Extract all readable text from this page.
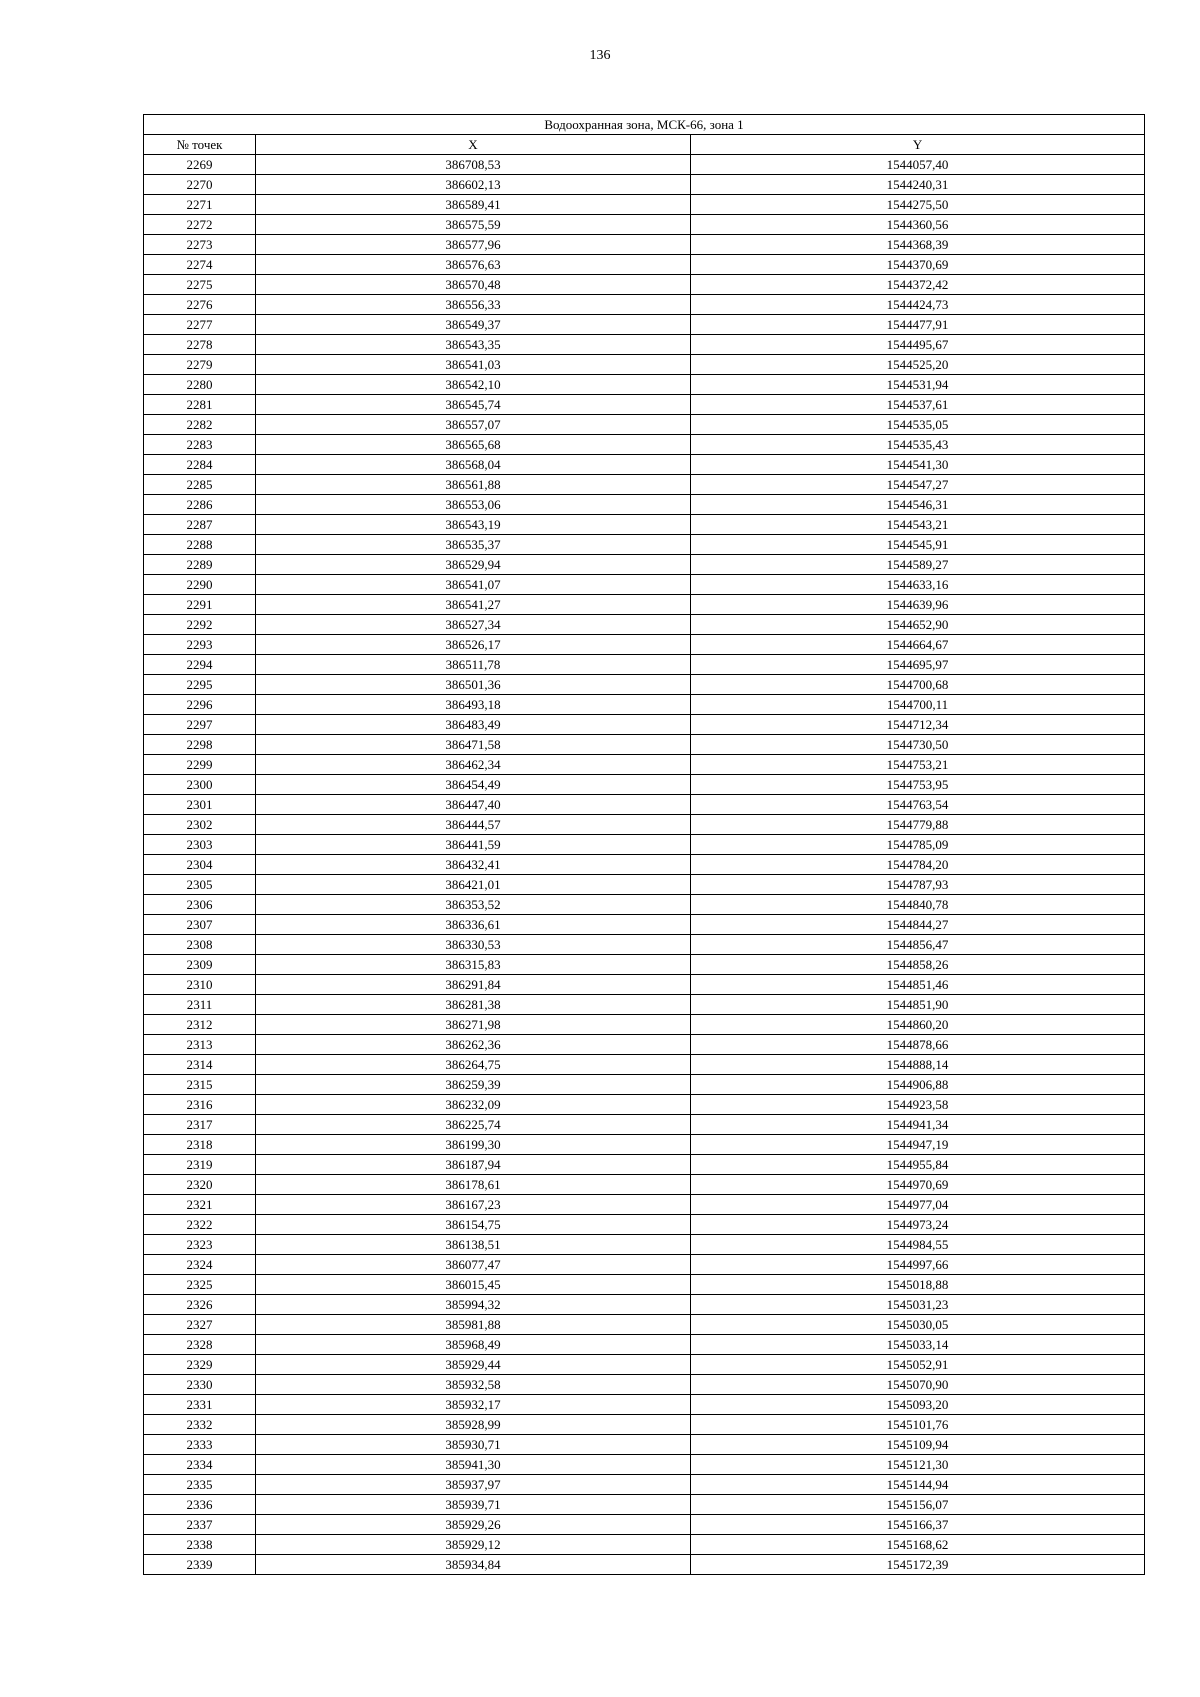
136
Водоохранная зона, МСК-66, зона 1		
№ точек	X	Y
2269	386708,53	1544057,40
2270	386602,13	1544240,31
2271	386589,41	1544275,50
2272	386575,59	1544360,56
2273	386577,96	1544368,39
2274	386576,63	1544370,69
2275	386570,48	1544372,42
2276	386556,33	1544424,73
2277	386549,37	1544477,91
2278	386543,35	1544495,67
2279	386541,03	1544525,20
2280	386542,10	1544531,94
2281	386545,74	1544537,61
2282	386557,07	1544535,05
2283	386565,68	1544535,43
2284	386568,04	1544541,30
2285	386561,88	1544547,27
2286	386553,06	1544546,31
2287	386543,19	1544543,21
2288	386535,37	1544545,91
2289	386529,94	1544589,27
2290	386541,07	1544633,16
2291	386541,27	1544639,96
2292	386527,34	1544652,90
2293	386526,17	1544664,67
2294	386511,78	1544695,97
2295	386501,36	1544700,68
2296	386493,18	1544700,11
2297	386483,49	1544712,34
2298	386471,58	1544730,50
2299	386462,34	1544753,21
2300	386454,49	1544753,95
2301	386447,40	1544763,54
2302	386444,57	1544779,88
2303	386441,59	1544785,09
2304	386432,41	1544784,20
2305	386421,01	1544787,93
2306	386353,52	1544840,78
2307	386336,61	1544844,27
2308	386330,53	1544856,47
2309	386315,83	1544858,26
2310	386291,84	1544851,46
2311	386281,38	1544851,90
2312	386271,98	1544860,20
2313	386262,36	1544878,66
2314	386264,75	1544888,14
2315	386259,39	1544906,88
2316	386232,09	1544923,58
2317	386225,74	1544941,34
2318	386199,30	1544947,19
2319	386187,94	1544955,84
2320	386178,61	1544970,69
2321	386167,23	1544977,04
2322	386154,75	1544973,24
2323	386138,51	1544984,55
2324	386077,47	1544997,66
2325	386015,45	1545018,88
2326	385994,32	1545031,23
2327	385981,88	1545030,05
2328	385968,49	1545033,14
2329	385929,44	1545052,91
2330	385932,58	1545070,90
2331	385932,17	1545093,20
2332	385928,99	1545101,76
2333	385930,71	1545109,94
2334	385941,30	1545121,30
2335	385937,97	1545144,94
2336	385939,71	1545156,07
2337	385929,26	1545166,37
2338	385929,12	1545168,62
2339	385934,84	1545172,39
